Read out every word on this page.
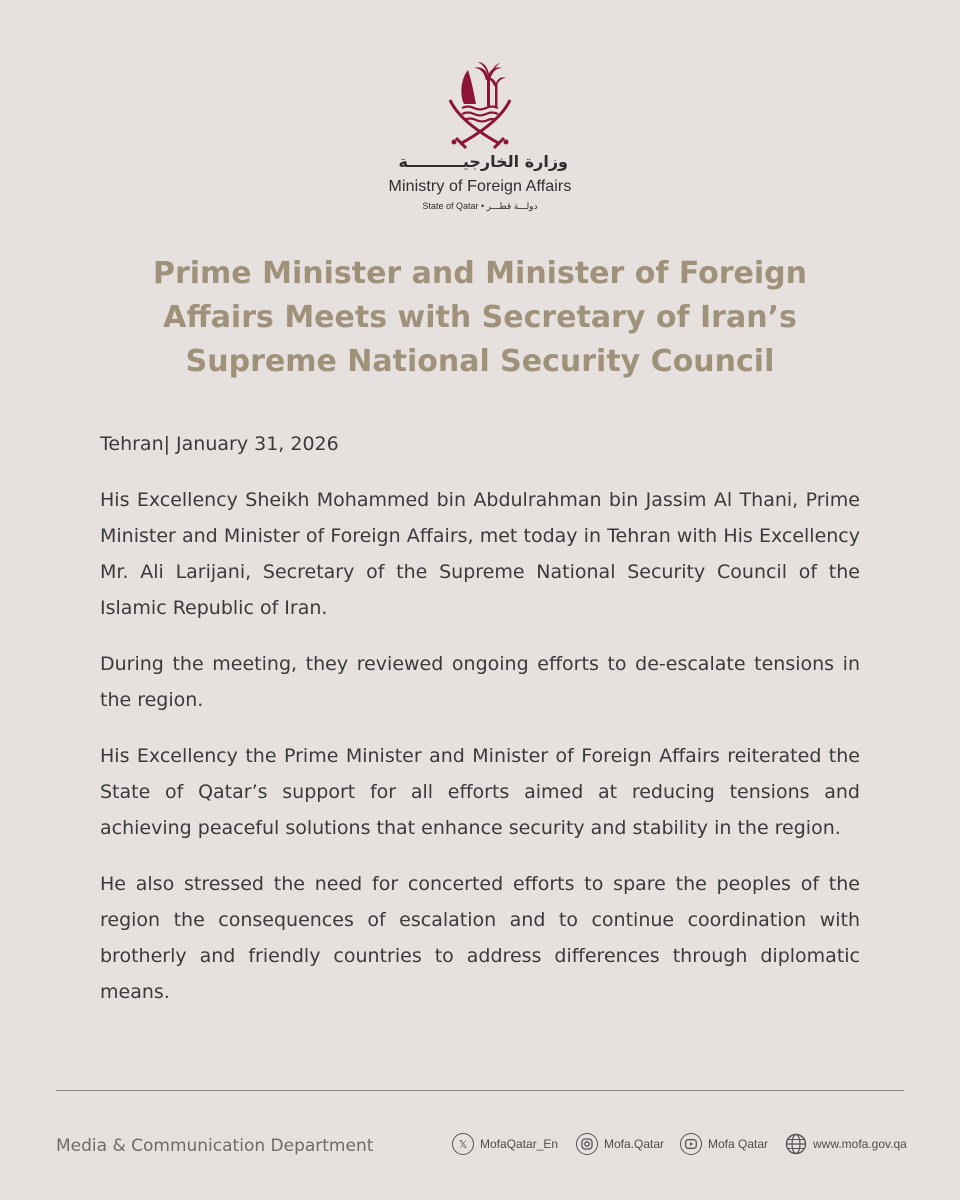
وزارة الخارجيــــــــــة
Ministry of Foreign Affairs
State of Qatar • دولـــة قطـــر
Prime Minister and Minister of Foreign Affairs Meets with Secretary of Iran’s Supreme National Security Council
Tehran| January 31, 2026

His Excellency Sheikh Mohammed bin Abdulrahman bin Jassim Al Thani, Prime Minister and Minister of Foreign Affairs, met today in Tehran with His Excellency Mr. Ali Larijani, Secretary of the Supreme National Security Council of the Islamic Republic of Iran.

During the meeting, they reviewed ongoing efforts to de-escalate tensions in the region.

His Excellency the Prime Minister and Minister of Foreign Affairs reiterated the State of Qatar’s support for all efforts aimed at reducing tensions and achieving peaceful solutions that enhance security and stability in the region.

He also stressed the need for concerted efforts to spare the peoples of the region the consequences of escalation and to continue coordination with brotherly and friendly countries to address differences through diplomatic means.

Media & Communication Department	𝕏	MofaQatar_En	Mofa.Qatar	Mofa Qatar	www.mofa.gov.qa
